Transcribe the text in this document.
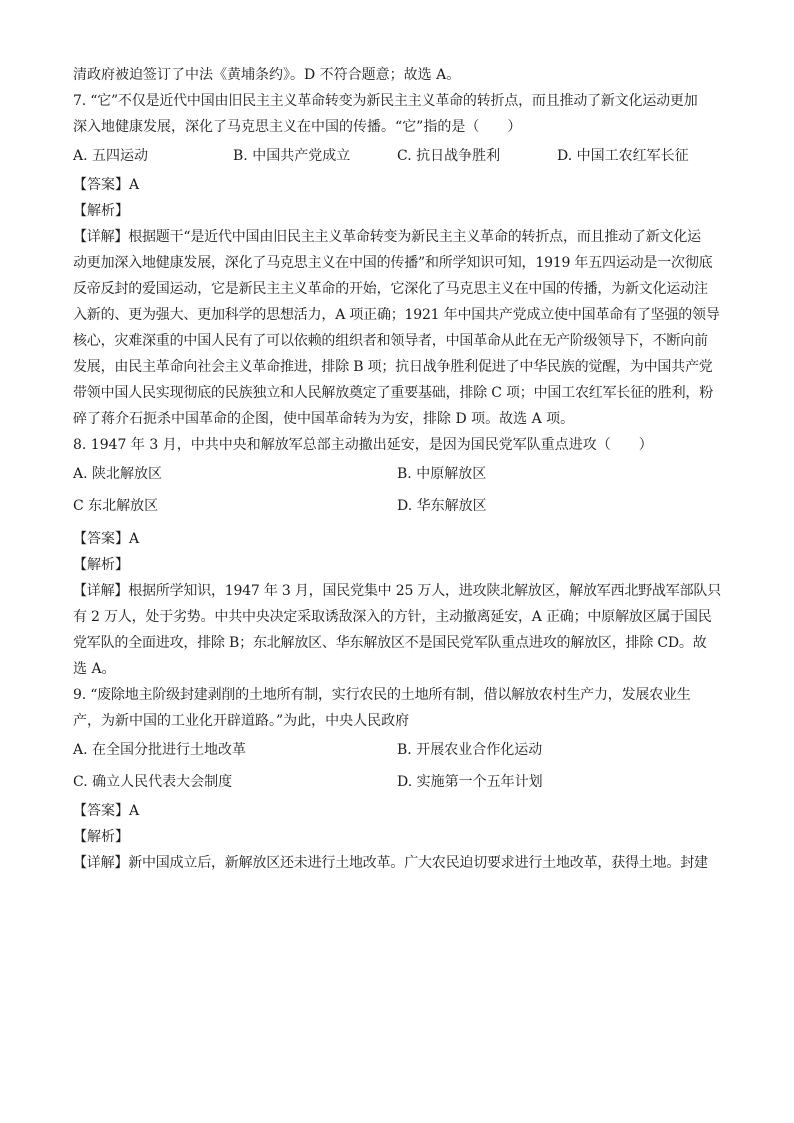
清政府被迫签订了中法《黄埔条约》。D 不符合题意；故选 A。
7. “它”不仅是近代中国由旧民主主义革命转变为新民主主义革命的转折点，而且推动了新文化运动更加
深入地健康发展，深化了马克思主义在中国的传播。“它”指的是（　　）
A. 五四运动	B. 中国共产党成立	C. 抗日战争胜利	D. 中国工农红军长征
【答案】A
【解析】
【详解】根据题干“是近代中国由旧民主主义革命转变为新民主主义革命的转折点，而且推动了新文化运
动更加深入地健康发展，深化了马克思主义在中国的传播”和所学知识可知，1919 年五四运动是一次彻底
反帝反封的爱国运动，它是新民主主义革命的开始，它深化了马克思主义在中国的传播，为新文化运动注
入新的、更为强大、更加科学的思想活力，A 项正确；1921 年中国共产党成立使中国革命有了坚强的领导
核心，灾难深重的中国人民有了可以依赖的组织者和领导者，中国革命从此在无产阶级领导下，不断向前
发展，由民主革命向社会主义革命推进，排除 B 项；抗日战争胜利促进了中华民族的觉醒，为中国共产党
带领中国人民实现彻底的民族独立和人民解放奠定了重要基础，排除 C 项；中国工农红军长征的胜利，粉
碎了蒋介石扼杀中国革命的企图，使中国革命转为为安，排除 D 项。故选 A 项。
8. 1947 年 3 月，中共中央和解放军总部主动撤出延安，是因为国民党军队重点进攻（　　）
A. 陕北解放区	B. 中原解放区
C 东北解放区	D. 华东解放区
【答案】A
【解析】
【详解】根据所学知识，1947 年 3 月，国民党集中 25 万人，进攻陕北解放区，解放军西北野战军部队只
有 2 万人，处于劣势。中共中央决定采取诱敌深入的方针，主动撤离延安，A 正确；中原解放区属于国民
党军队的全面进攻，排除 B；东北解放区、华东解放区不是国民党军队重点进攻的解放区，排除 CD。故
选 A。
9. “废除地主阶级封建剥削的土地所有制，实行农民的土地所有制，借以解放农村生产力，发展农业生
产，为新中国的工业化开辟道路。”为此，中央人民政府
A. 在全国分批进行土地改革	B. 开展农业合作化运动
C. 确立人民代表大会制度	D. 实施第一个五年计划
【答案】A
【解析】
【详解】新中国成立后，新解放区还未进行土地改革。广大农民迫切要求进行土地改革，获得土地。封建
